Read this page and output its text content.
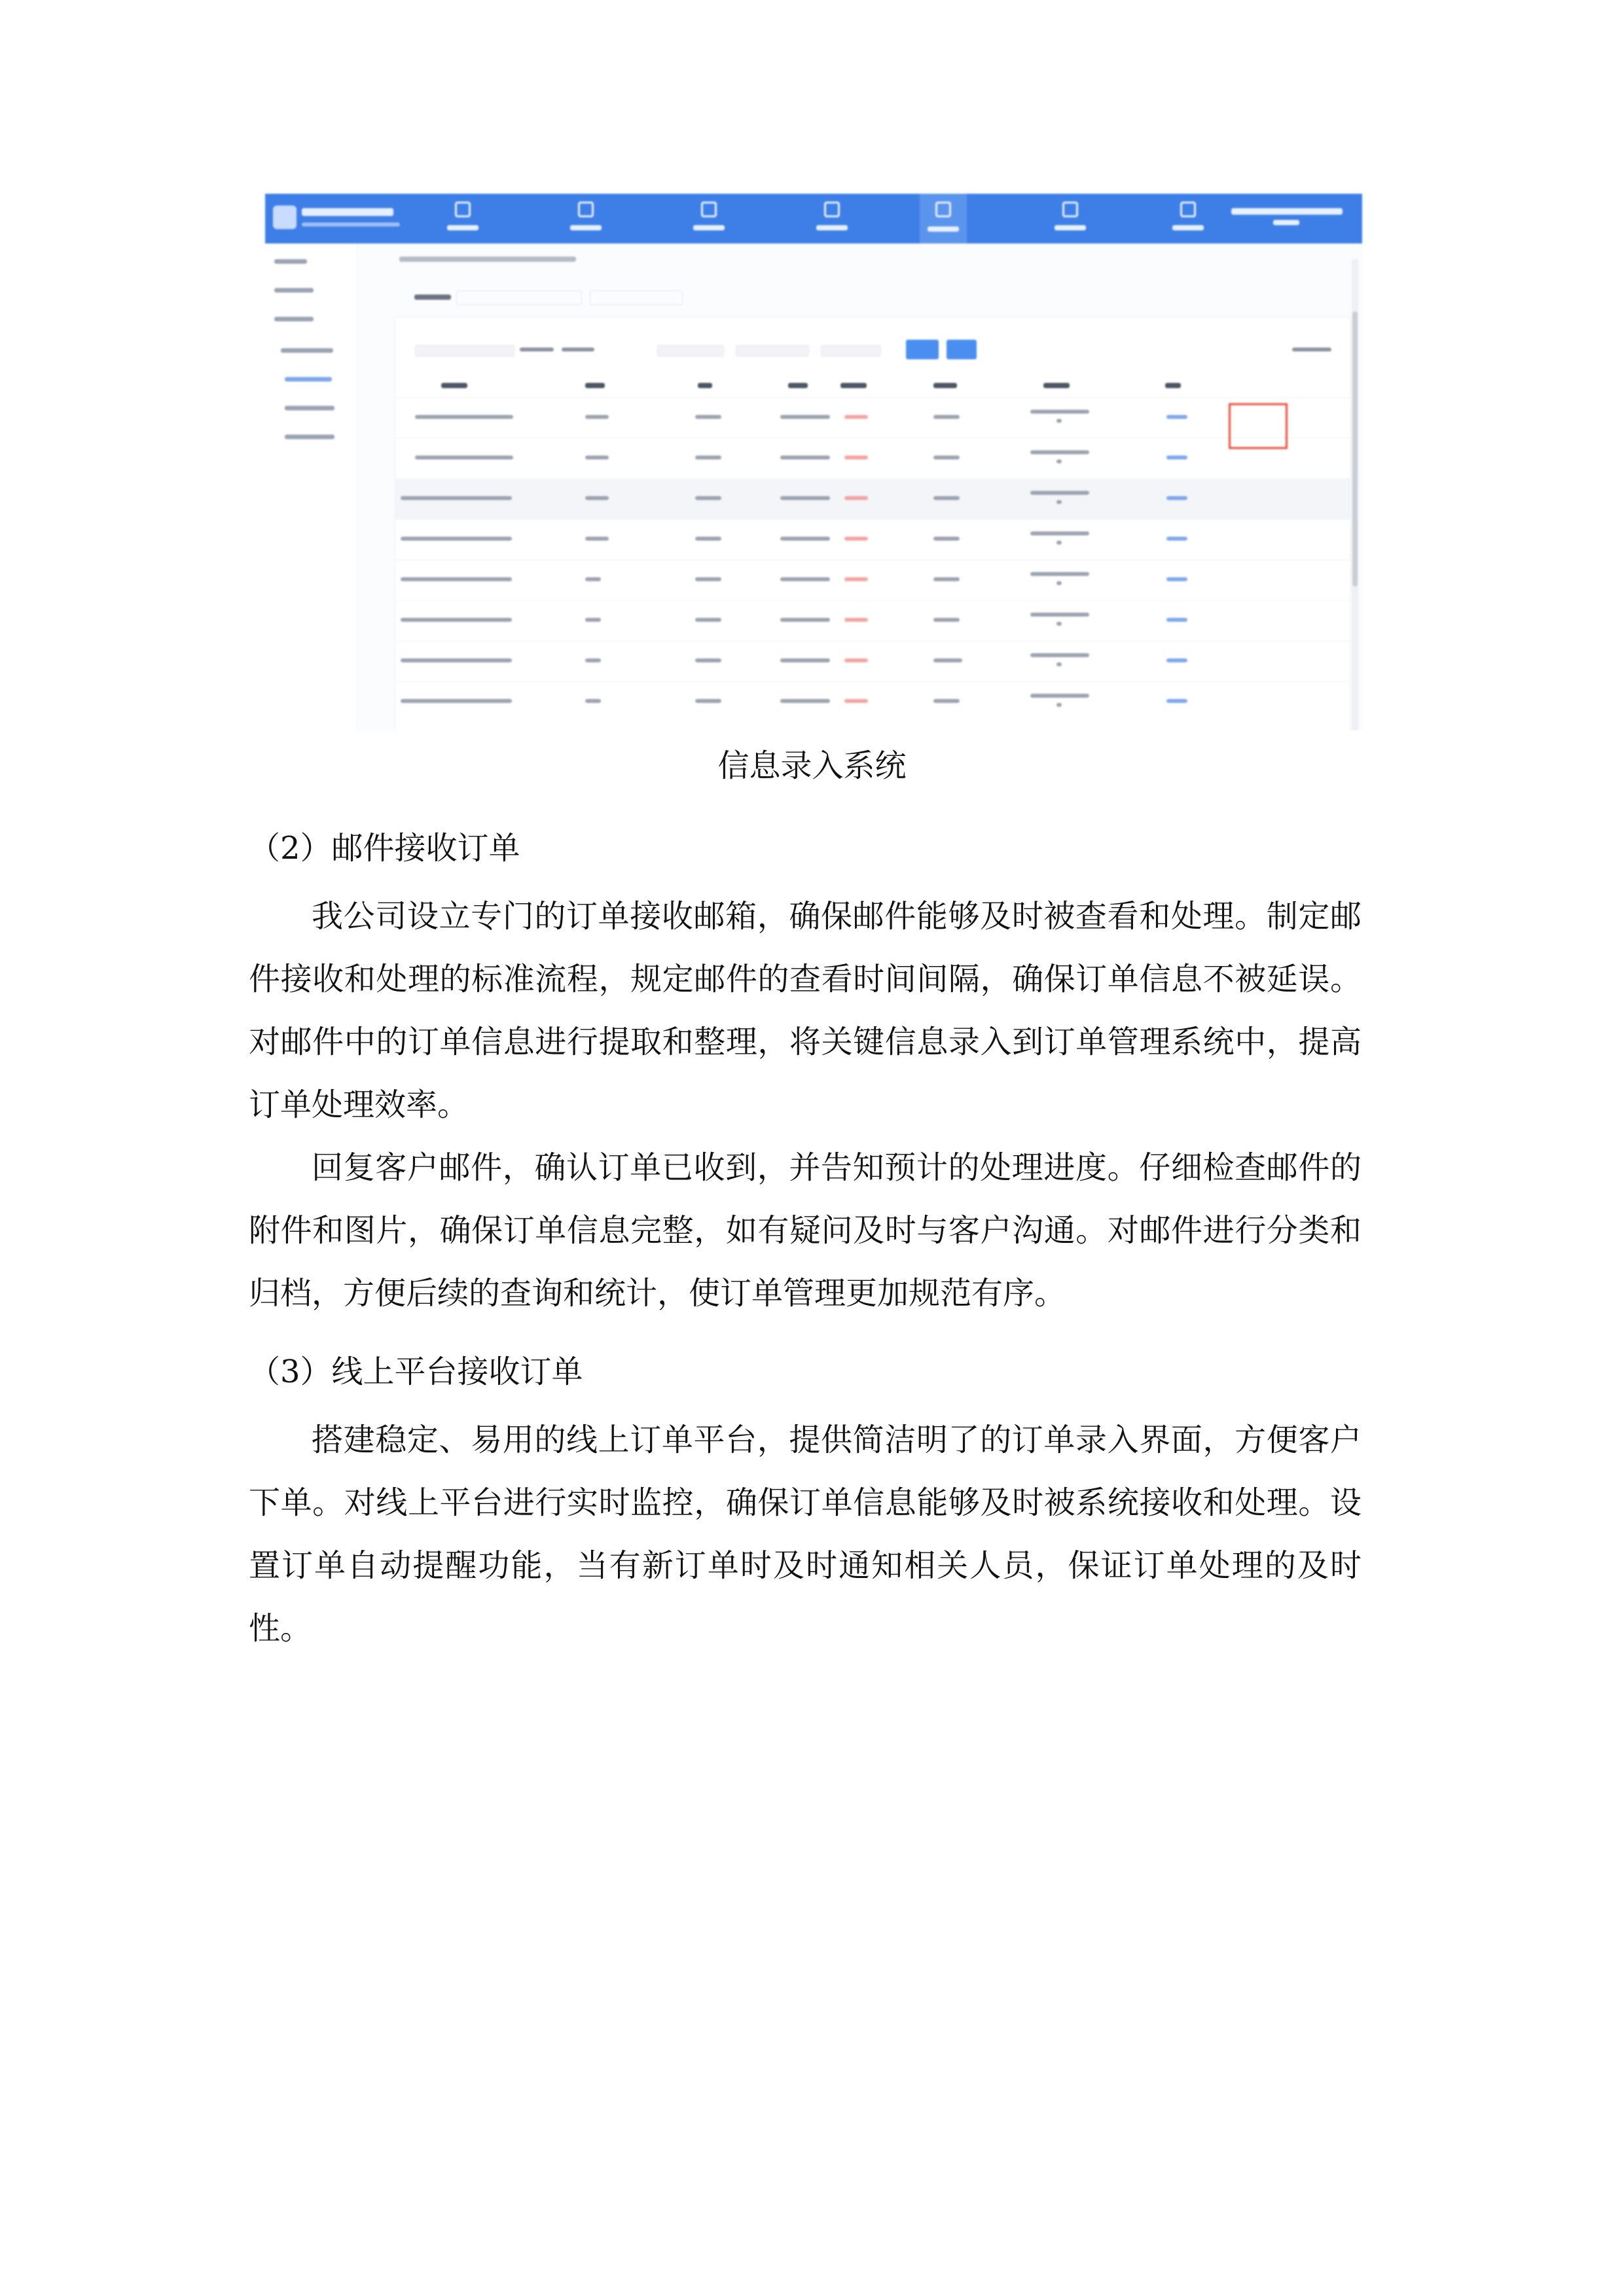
信息录入系统
（2）邮件接收订单

我公司设立专门的订单接收邮箱，确保邮件能够及时被查看和处理。制定邮件接收和处理的标准流程，规定邮件的查看时间间隔，确保订单信息不被延误。对邮件中的订单信息进行提取和整理，将关键信息录入到订单管理系统中，提高订单处理效率。

回复客户邮件，确认订单已收到，并告知预计的处理进度。仔细检查邮件的附件和图片，确保订单信息完整，如有疑问及时与客户沟通。对邮件进行分类和归档，方便后续的查询和统计，使订单管理更加规范有序。

（3）线上平台接收订单

搭建稳定、易用的线上订单平台，提供简洁明了的订单录入界面，方便客户下单。对线上平台进行实时监控，确保订单信息能够及时被系统接收和处理。设置订单自动提醒功能，当有新订单时及时通知相关人员，保证订单处理的及时性。
